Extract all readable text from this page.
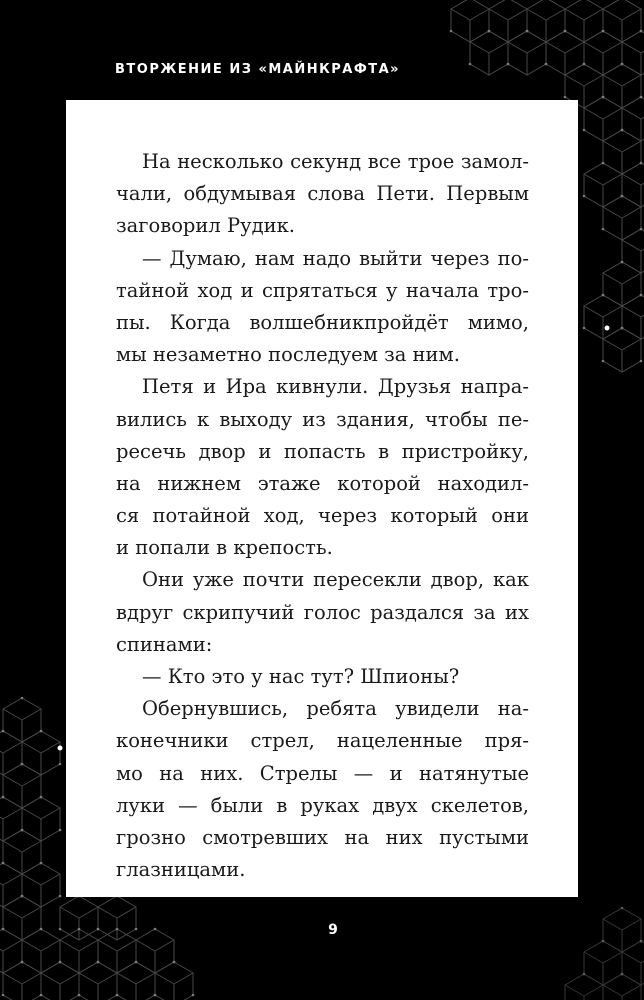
ВТОРЖЕНИЕ ИЗ «МАЙНКРАФТА»
На несколько секунд все трое замол-
чали, обдумывая слова Пети. Первым
заговорил Рудик.
— Думаю, нам надо выйти через по-
тайной ход и спрятаться у начала тро-
пы. Когда волшебникпройдёт мимо,
мы незаметно последуем за ним.
Петя и Ира кивнули. Друзья напра-
вились к выходу из здания, чтобы пе-
ресечь двор и попасть в пристройку,
на нижнем этаже которой находил-
ся потайной ход, через который они
и попали в крепость.
Они уже почти пересекли двор, как
вдруг скрипучий голос раздался за их
спинами:
— Кто это у нас тут? Шпионы?
Обернувшись, ребята увидели на-
конечники стрел, нацеленные пря-
мо на них. Стрелы — и натянутые
луки — были в руках двух скелетов,
грозно смотревших на них пустыми
глазницами.
9
